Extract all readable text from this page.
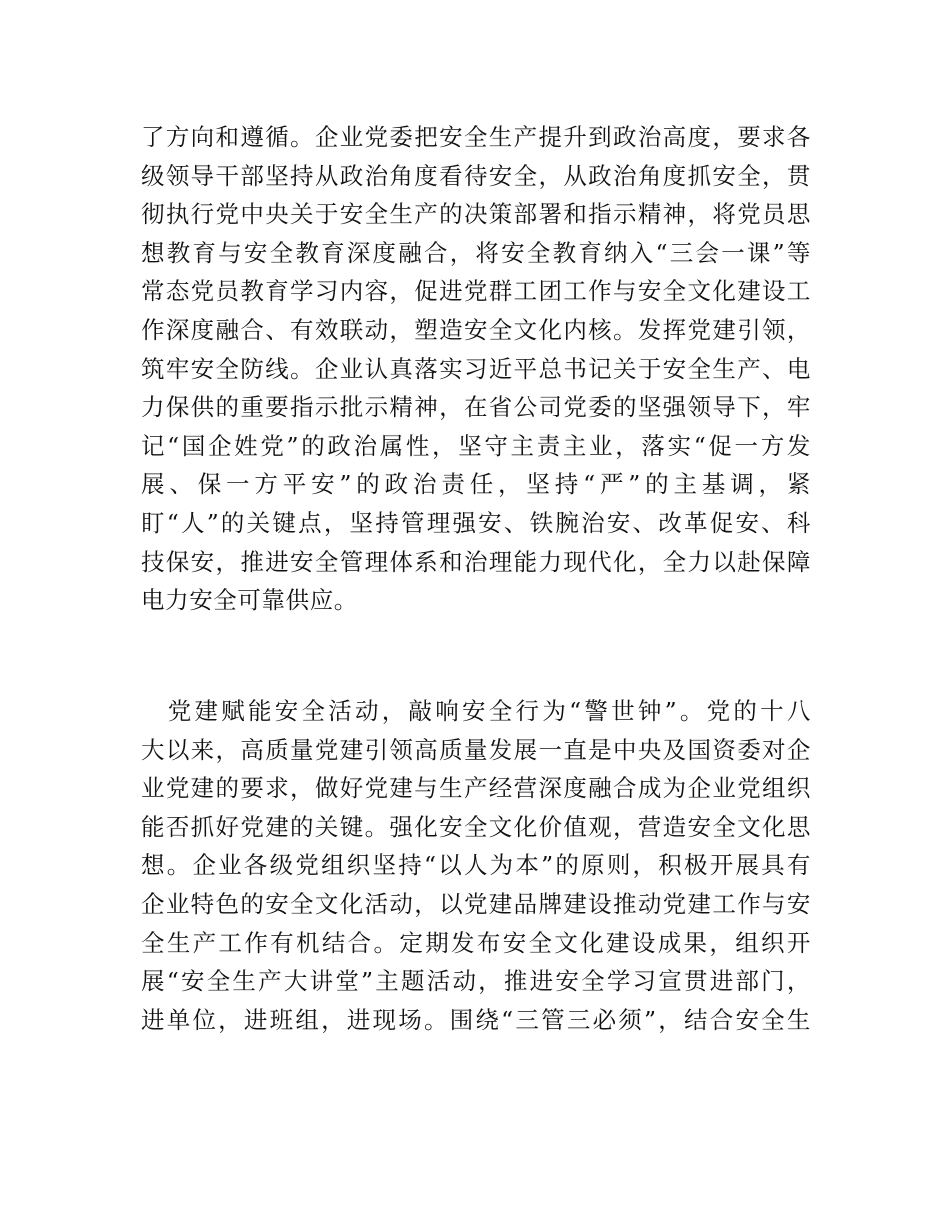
了方向和遵循。企业党委把安全生产提升到政治高度，要求各
级领导干部坚持从政治角度看待安全，从政治角度抓安全，贯
彻执行党中央关于安全生产的决策部署和指示精神，将党员思
想教育与安全教育深度融合，将安全教育纳入“三会一课”等
常态党员教育学习内容，促进党群工团工作与安全文化建设工
作深度融合、有效联动，塑造安全文化内核。发挥党建引领，
筑牢安全防线。企业认真落实习近平总书记关于安全生产、电
力保供的重要指示批示精神，在省公司党委的坚强领导下，牢
记“国企姓党”的政治属性，坚守主责主业，落实“促一方发
展、保一方平安”的政治责任，坚持“严”的主基调，紧
盯“人”的关键点，坚持管理强安、铁腕治安、改革促安、科
技保安，推进安全管理体系和治理能力现代化，全力以赴保障
电力安全可靠供应。
　党建赋能安全活动，敲响安全行为“警世钟”。党的十八
大以来，高质量党建引领高质量发展一直是中央及国资委对企
业党建的要求，做好党建与生产经营深度融合成为企业党组织
能否抓好党建的关键。强化安全文化价值观，营造安全文化思
想。企业各级党组织坚持“以人为本”的原则，积极开展具有
企业特色的安全文化活动，以党建品牌建设推动党建工作与安
全生产工作有机结合。定期发布安全文化建设成果，组织开
展“安全生产大讲堂”主题活动，推进安全学习宣贯进部门，
进单位，进班组，进现场。围绕“三管三必须”，结合安全生
